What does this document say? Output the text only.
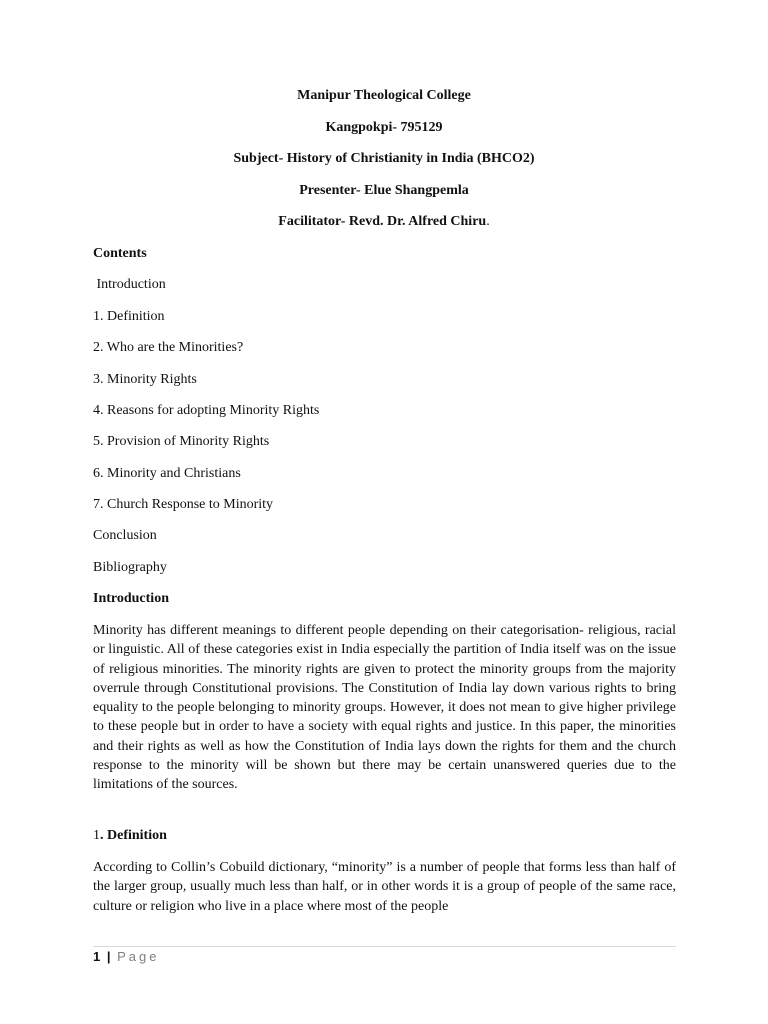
Manipur Theological College
Kangpokpi- 795129
Subject- History of Christianity in India (BHCO2)
Presenter- Elue Shangpemla
Facilitator- Revd. Dr. Alfred Chiru.
Contents
Introduction
1. Definition
2. Who are the Minorities?
3. Minority Rights
4. Reasons for adopting Minority Rights
5. Provision of Minority Rights
6. Minority and Christians
7. Church Response to Minority
Conclusion
Bibliography
Introduction

Minority has different meanings to different people depending on their categorisation- religious, racial or linguistic. All of these categories exist in India especially the partition of India itself was on the issue of religious minorities. The minority rights are given to protect the minority groups from the majority overrule through Constitutional provisions. The Constitution of India lay down various rights to bring equality to the people belonging to minority groups. However, it does not mean to give higher privilege to these people but in order to have a society with equal rights and justice. In this paper, the minorities and their rights as well as how the Constitution of India lays down the rights for them and the church response to the minority will be shown but there may be certain unanswered queries due to the limitations of the sources.

1. Definition

According to Collin’s Cobuild dictionary, “minority” is a number of people that forms less than half of the larger group, usually much less than half, or in other words it is a group of people of the same race, culture or religion who live in a place where most of the people

1 | Page
